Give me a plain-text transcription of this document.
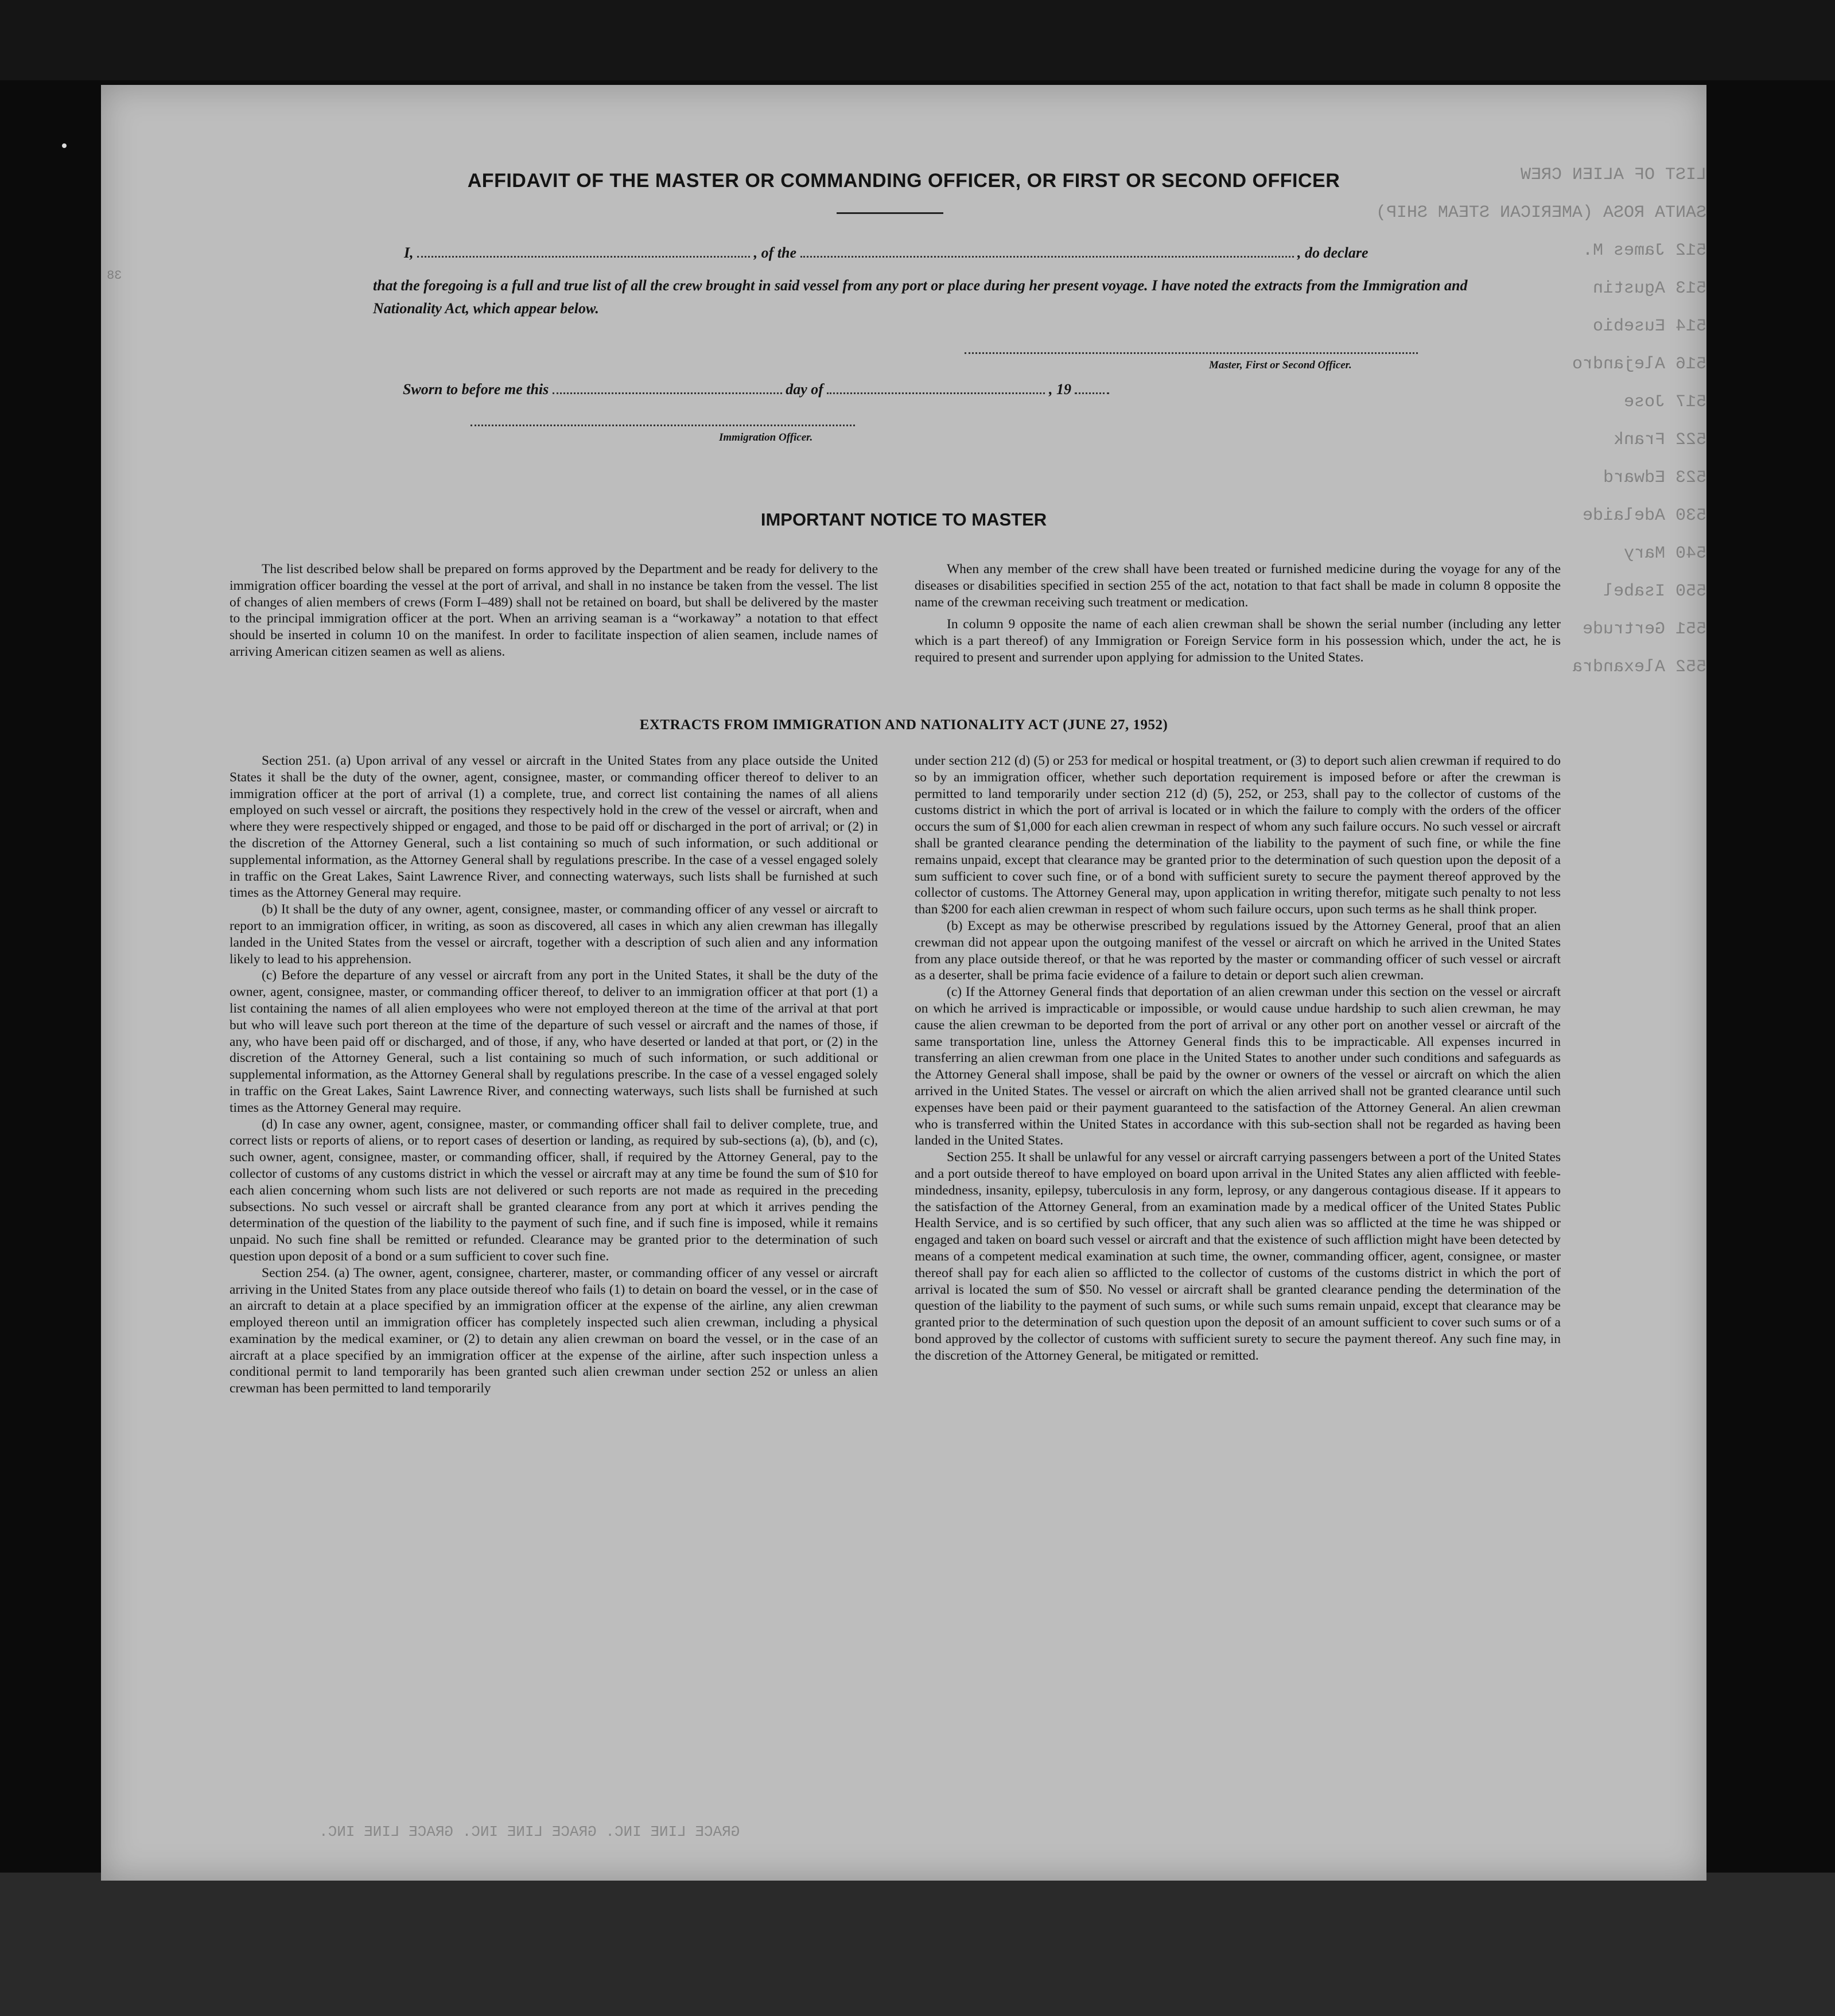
LIST OF ALIEN CREW
SANTA ROSA (AMERICAN STEAM SHIP)
512 James M.
513 Agustin
514 Eusebio
516 Alejandro
517 Jose
522 Frank
523 Edward
530 Adelaide
540 Mary
550 Isabel
551 Gertrude
552 Alexandra
38
AFFIDAVIT OF THE MASTER OR COMMANDING OFFICER, OR FIRST OR SECOND OFFICER
I,	, of the	, do declare
that the foregoing is a full and true list of all the crew brought in said vessel from any port or place during her present voyage. I have noted the extracts from the Immigration and Nationality Act, which appear below.
Master, First or Second Officer.
Sworn to before me this	day of	, 19
Immigration Officer.
IMPORTANT NOTICE TO MASTER

The list described below shall be prepared on forms approved by the Department and be ready for delivery to the immigration officer boarding the vessel at the port of arrival, and shall in no instance be taken from the vessel. The list of changes of alien members of crews (Form I–489) shall not be retained on board, but shall be delivered by the master to the principal immigration officer at the port. When an arriving seaman is a “workaway” a notation to that effect should be inserted in column 10 on the manifest. In order to facilitate inspection of alien seamen, include names of arriving American citizen seamen as well as aliens.

When any member of the crew shall have been treated or furnished medicine during the voyage for any of the diseases or disabilities specified in section 255 of the act, notation to that fact shall be made in column 8 opposite the name of the crewman receiving such treatment or medication.

In column 9 opposite the name of each alien crewman shall be shown the serial number (including any letter which is a part thereof) of any Immigration or Foreign Service form in his possession which, under the act, he is required to present and surrender upon applying for admission to the United States.

EXTRACTS FROM IMMIGRATION AND NATIONALITY ACT (JUNE 27, 1952)

Section 251. (a) Upon arrival of any vessel or aircraft in the United States from any place outside the United States it shall be the duty of the owner, agent, consignee, master, or commanding officer thereof to deliver to an immigration officer at the port of arrival (1) a complete, true, and correct list containing the names of all aliens employed on such vessel or aircraft, the positions they respectively hold in the crew of the vessel or aircraft, when and where they were respectively shipped or engaged, and those to be paid off or discharged in the port of arrival; or (2) in the discretion of the Attorney General, such a list containing so much of such information, or such additional or supplemental information, as the Attorney General shall by regulations prescribe. In the case of a vessel engaged solely in traffic on the Great Lakes, Saint Lawrence River, and connecting waterways, such lists shall be furnished at such times as the Attorney General may require.

(b) It shall be the duty of any owner, agent, consignee, master, or commanding officer of any vessel or aircraft to report to an immigration officer, in writing, as soon as discovered, all cases in which any alien crewman has illegally landed in the United States from the vessel or aircraft, together with a description of such alien and any information likely to lead to his apprehension.

(c) Before the departure of any vessel or aircraft from any port in the United States, it shall be the duty of the owner, agent, consignee, master, or commanding officer thereof, to deliver to an immigration officer at that port (1) a list containing the names of all alien employees who were not employed thereon at the time of the arrival at that port but who will leave such port thereon at the time of the departure of such vessel or aircraft and the names of those, if any, who have been paid off or discharged, and of those, if any, who have deserted or landed at that port, or (2) in the discretion of the Attorney General, such a list containing so much of such information, or such additional or supplemental information, as the Attorney General shall by regulations prescribe. In the case of a vessel engaged solely in traffic on the Great Lakes, Saint Lawrence River, and connecting waterways, such lists shall be furnished at such times as the Attorney General may require.

(d) In case any owner, agent, consignee, master, or commanding officer shall fail to deliver complete, true, and correct lists or reports of aliens, or to report cases of desertion or landing, as required by sub-sections (a), (b), and (c), such owner, agent, consignee, master, or commanding officer, shall, if required by the Attorney General, pay to the collector of customs of any customs district in which the vessel or aircraft may at any time be found the sum of $10 for each alien concerning whom such lists are not delivered or such reports are not made as required in the preceding subsections. No such vessel or aircraft shall be granted clearance from any port at which it arrives pending the determination of the question of the liability to the payment of such fine, and if such fine is imposed, while it remains unpaid. No such fine shall be remitted or refunded. Clearance may be granted prior to the determination of such question upon deposit of a bond or a sum sufficient to cover such fine.

Section 254. (a) The owner, agent, consignee, charterer, master, or commanding officer of any vessel or aircraft arriving in the United States from any place outside thereof who fails (1) to detain on board the vessel, or in the case of an aircraft to detain at a place specified by an immigration officer at the expense of the airline, any alien crewman employed thereon until an immigration officer has completely inspected such alien crewman, including a physical examination by the medical examiner, or (2) to detain any alien crewman on board the vessel, or in the case of an aircraft at a place specified by an immigration officer at the expense of the airline, after such inspection unless a conditional permit to land temporarily has been granted such alien crewman under section 252 or unless an alien crewman has been permitted to land temporarily

under section 212 (d) (5) or 253 for medical or hospital treatment, or (3) to deport such alien crewman if required to do so by an immigration officer, whether such deportation requirement is imposed before or after the crewman is permitted to land temporarily under section 212 (d) (5), 252, or 253, shall pay to the collector of customs of the customs district in which the port of arrival is located or in which the failure to comply with the orders of the officer occurs the sum of $1,000 for each alien crewman in respect of whom any such failure occurs. No such vessel or aircraft shall be granted clearance pending the determination of the liability to the payment of such fine, or while the fine remains unpaid, except that clearance may be granted prior to the determination of such question upon the deposit of a sum sufficient to cover such fine, or of a bond with sufficient surety to secure the payment thereof approved by the collector of customs. The Attorney General may, upon application in writing therefor, mitigate such penalty to not less than $200 for each alien crewman in respect of whom such failure occurs, upon such terms as he shall think proper.

(b) Except as may be otherwise prescribed by regulations issued by the Attorney General, proof that an alien crewman did not appear upon the outgoing manifest of the vessel or aircraft on which he arrived in the United States from any place outside thereof, or that he was reported by the master or commanding officer of such vessel or aircraft as a deserter, shall be prima facie evidence of a failure to detain or deport such alien crewman.

(c) If the Attorney General finds that deportation of an alien crewman under this section on the vessel or aircraft on which he arrived is impracticable or impossible, or would cause undue hardship to such alien crewman, he may cause the alien crewman to be deported from the port of arrival or any other port on another vessel or aircraft of the same transportation line, unless the Attorney General finds this to be impracticable. All expenses incurred in transferring an alien crewman from one place in the United States to another under such conditions and safeguards as the Attorney General shall impose, shall be paid by the owner or owners of the vessel or aircraft on which the alien arrived in the United States. The vessel or aircraft on which the alien arrived shall not be granted clearance until such expenses have been paid or their payment guaranteed to the satisfaction of the Attorney General. An alien crewman who is transferred within the United States in accordance with this sub-section shall not be regarded as having been landed in the United States.

Section 255. It shall be unlawful for any vessel or aircraft carrying passengers between a port of the United States and a port outside thereof to have employed on board upon arrival in the United States any alien afflicted with feeble-mindedness, insanity, epilepsy, tuberculosis in any form, leprosy, or any dangerous contagious disease. If it appears to the satisfaction of the Attorney General, from an examination made by a medical officer of the United States Public Health Service, and is so certified by such officer, that any such alien was so afflicted at the time he was shipped or engaged and taken on board such vessel or aircraft and that the existence of such affliction might have been detected by means of a competent medical examination at such time, the owner, commanding officer, agent, consignee, or master thereof shall pay for each alien so afflicted to the collector of customs of the customs district in which the port of arrival is located the sum of $50. No vessel or aircraft shall be granted clearance pending the determination of the question of the liability to the payment of such sums, or while such sums remain unpaid, except that clearance may be granted prior to the determination of such question upon the deposit of an amount sufficient to cover such sums or of a bond approved by the collector of customs with sufficient surety to secure the payment thereof. Any such fine may, in the discretion of the Attorney General, be mitigated or remitted.

GRACE LINE INC. GRACE LINE INC. GRACE LINE INC.
